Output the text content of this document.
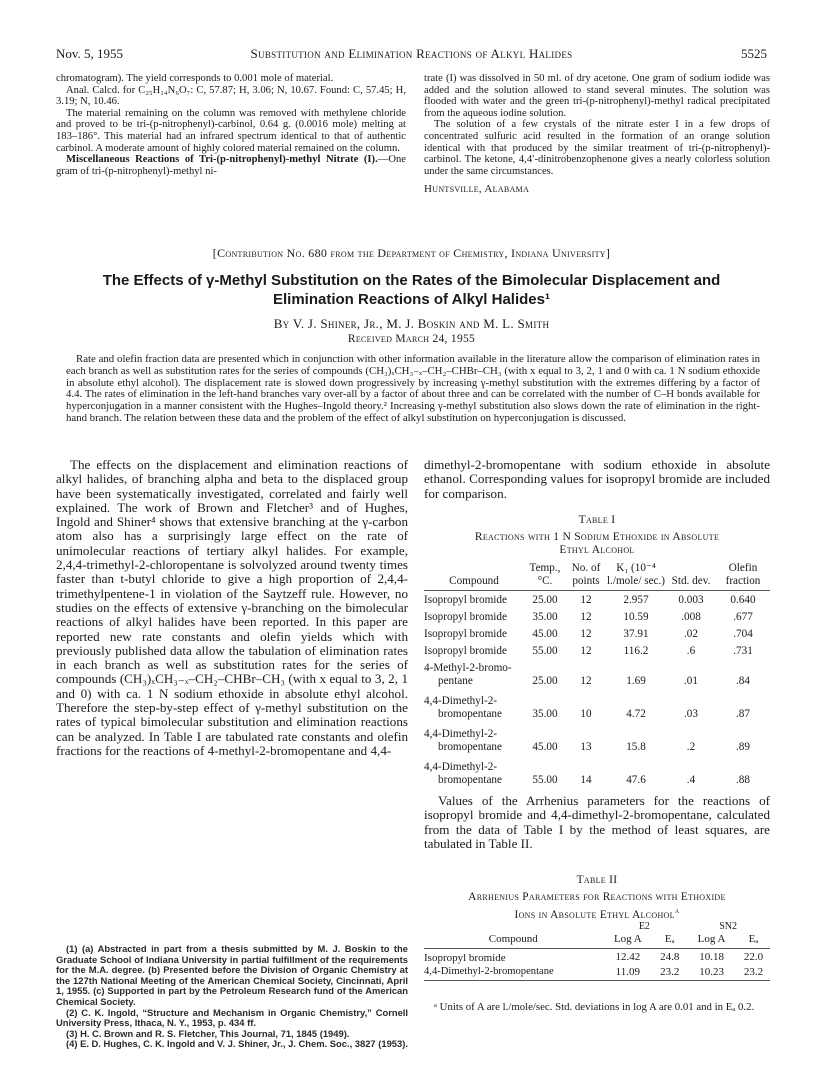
Nov. 5, 1955	Substitution and Elimination Reactions of Alkyl Halides	5525

chromatogram). The yield corresponds to 0.001 mole of material.

Anal. Calcd. for C₂₅H₁₄N₆O₇: C, 57.87; H, 3.06; N, 10.67. Found: C, 57.45; H, 3.19; N, 10.46.

The material remaining on the column was removed with methylene chloride and proved to be tri-(p-nitrophenyl)-carbinol, 0.64 g. (0.0016 mole) melting at 183–186°. This material had an infrared spectrum identical to that of authentic carbinol. A moderate amount of highly colored material remained on the column.

Miscellaneous Reactions of Tri-(p-nitrophenyl)-methyl Nitrate (I).—One gram of tri-(p-nitrophenyl)-methyl ni-

trate (I) was dissolved in 50 ml. of dry acetone. One gram of sodium iodide was added and the solution allowed to stand several minutes. The solution was flooded with water and the green tri-(p-nitrophenyl)-methyl radical precipitated from the aqueous iodine solution.

The solution of a few crystals of the nitrate ester I in a few drops of concentrated sulfuric acid resulted in the formation of an orange solution identical with that produced by the similar treatment of tri-(p-nitrophenyl)-carbinol. The ketone, 4,4′-dinitrobenzophenone gives a nearly colorless solution under the same circumstances.

Huntsville, Alabama

[Contribution No. 680 from the Department of Chemistry, Indiana University]
The Effects of γ-Methyl Substitution on the Rates of the Bimolecular Displacement and
Elimination Reactions of Alkyl Halides¹
By V. J. Shiner, Jr., M. J. Boskin and M. L. Smith
Received March 24, 1955

Rate and olefin fraction data are presented which in conjunction with other information available in the literature allow the comparison of elimination rates in each branch as well as substitution rates for the series of compounds (CH₃)ₓCH₃₋ₓ–CH₂–CHBr–CH₃ (with x equal to 3, 2, 1 and 0 with ca. 1 N sodium ethoxide in absolute ethyl alcohol). The displacement rate is slowed down progressively by increasing γ-methyl substitution with the extremes differing by a factor of 4.4. The rates of elimination in the left-hand branches vary over-all by a factor of about three and can be correlated with the number of C–H bonds available for hyperconjugation in a manner consistent with the Hughes–Ingold theory.² Increasing γ-methyl substitution also slows down the rate of elimination in the right-hand branch. The relation between these data and the problem of the effect of alkyl substitution on hyperconjugation is discussed.

The effects on the displacement and elimination reactions of alkyl halides, of branching alpha and beta to the displaced group have been systematically investigated, correlated and fairly well explained. The work of Brown and Fletcher³ and of Hughes, Ingold and Shiner⁴ shows that extensive branching at the γ-carbon atom also has a surprisingly large effect on the rate of unimolecular reactions of tertiary alkyl halides. For example, 2,4,4-trimethyl-2-chloropentane is solvolyzed around twenty times faster than t-butyl chloride to give a high proportion of 2,4,4-trimethylpentene-1 in violation of the Saytzeff rule. However, no studies on the effects of extensive γ-branching on the bimolecular reactions of alkyl halides have been reported. In this paper are reported new rate constants and olefin yields which with previously published data allow the tabulation of elimination rates in each branch as well as substitution rates for the series of compounds (CH₃)ₓCH₃₋ₓ–CH₂–CHBr–CH₃ (with x equal to 3, 2, 1 and 0) with ca. 1 N sodium ethoxide in absolute ethyl alcohol. Therefore the step-by-step effect of γ-methyl substitution on the rates of typical bimolecular substitution and elimination reactions can be analyzed. In Table I are tabulated rate constants and olefin fractions for the reactions of 4-methyl-2-bromopentane and 4,4-

(1) (a) Abstracted in part from a thesis submitted by M. J. Boskin to the Graduate School of Indiana University in partial fulfillment of the requirements for the M.A. degree. (b) Presented before the Division of Organic Chemistry at the 127th National Meeting of the American Chemical Society, Cincinnati, April 1, 1955. (c) Supported in part by the Petroleum Research fund of the American Chemical Society.

(2) C. K. Ingold, “Structure and Mechanism in Organic Chemistry,” Cornell University Press, Ithaca, N. Y., 1953, p. 434 ff.

(3) H. C. Brown and R. S. Fletcher, This Journal, 71, 1845 (1949).

(4) E. D. Hughes, C. K. Ingold and V. J. Shiner, Jr., J. Chem. Soc., 3827 (1953).

dimethyl-2-bromopentane with sodium ethoxide in absolute ethanol. Corresponding values for isopropyl bromide are included for comparison.

Table I
Reactions with 1 N Sodium Ethoxide in Absolute
Ethyl Alcohol
Compound	Temp., °C.	No. of points	K₁ (10⁻⁴ l./mole/ sec.)	Std. dev.	Olefin fraction
Isopropyl bromide	25.00	12	2.957	0.003	0.640
Isopropyl bromide	35.00	12	10.59	.008	.677
Isopropyl bromide	45.00	12	37.91	.02	.704
Isopropyl bromide	55.00	12	116.2	.6	.731
4-Methyl-2-bromo-
pentane	25.00	12	1.69	.01	.84
4,4-Dimethyl-2-
bromopentane	35.00	10	4.72	.03	.87
4,4-Dimethyl-2-
bromopentane	45.00	13	15.8	.2	.89
4,4-Dimethyl-2-
bromopentane	55.00	14	47.6	.4	.88

Values of the Arrhenius parameters for the reactions of isopropyl bromide and 4,4-dimethyl-2-bromopentane, calculated from the data of Table I by the method of least squares, are tabulated in Table II.

Table II
Arrhenius Parameters for Reactions with Ethoxide
Ions in Absolute Ethyl Alcohol$^a$
	E2		SN2	
Compound	Log A	Eₐ	Log A	Eₐ
Isopropyl bromide	12.42	24.8	10.18	22.0
4,4-Dimethyl-2-bromopentane	11.09	23.2	10.23	23.2

ᵃ Units of A are l./mole/sec. Std. deviations in log A are 0.01 and in Eₐ 0.2.
